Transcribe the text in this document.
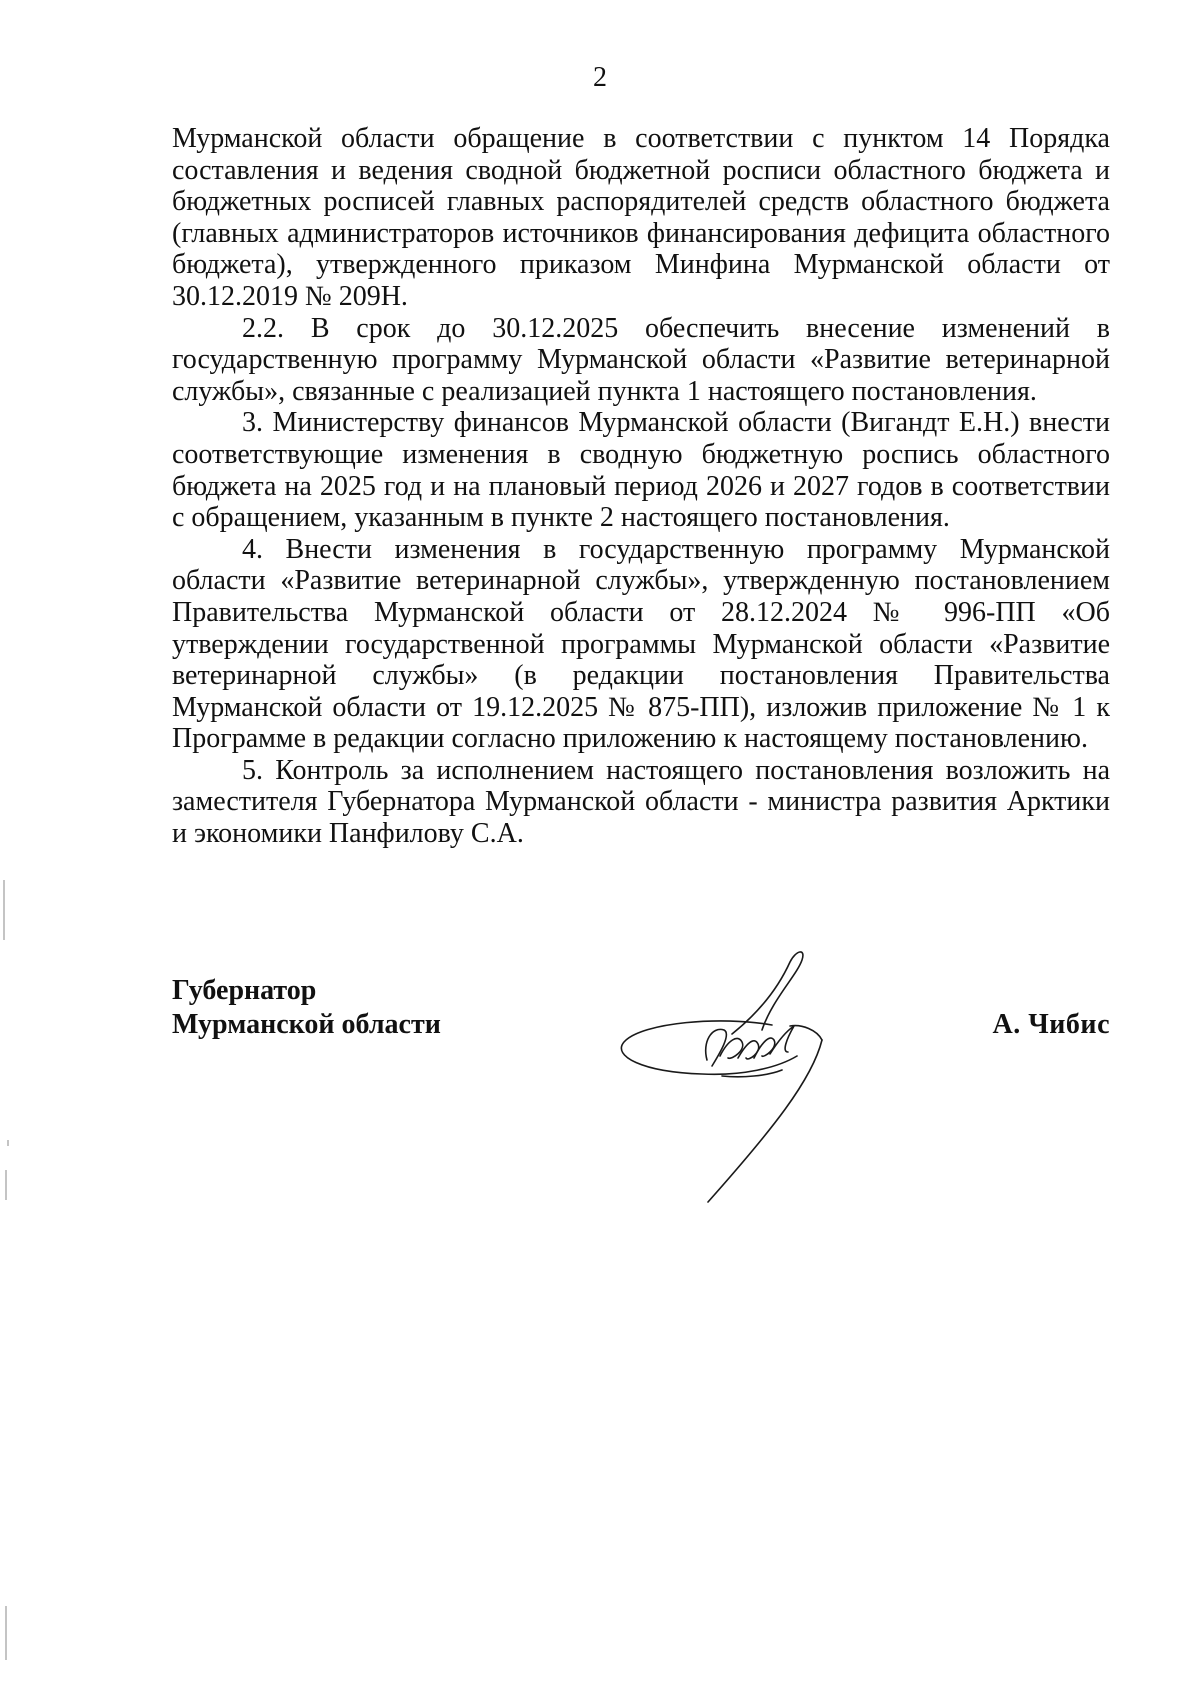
2

Мурманской области обращение в соответствии с пунктом 14 Порядка составления и ведения сводной бюджетной росписи областного бюджета и бюджетных росписей главных распорядителей средств областного бюджета (главных администраторов источников финансирования дефицита областного бюджета), утвержденного приказом Минфина Мурманской области от 30.12.2019 № 209Н.

2.2. В срок до 30.12.2025 обеспечить внесение изменений в государственную программу Мурманской области «Развитие ветеринарной службы», связанные с реализацией пункта 1 настоящего постановления.

3. Министерству финансов Мурманской области (Вигандт Е.Н.) внести соответствующие изменения в сводную бюджетную роспись областного бюджета на 2025 год и на плановый период 2026 и 2027 годов в соответствии с обращением, указанным в пункте 2 настоящего постановления.

4. Внести изменения в государственную программу Мурманской области «Развитие ветеринарной службы», утвержденную постановлением Правительства Мурманской области от 28.12.2024 № 996-ПП «Об утверждении государственной программы Мурманской области «Развитие ветеринарной службы» (в редакции постановления Правительства Мурманской области от 19.12.2025 № 875-ПП), изложив приложение № 1 к Программе в редакции согласно приложению к настоящему постановлению.

5. Контроль за исполнением настоящего постановления возложить на заместителя Губернатора Мурманской области - министра развития Арктики и экономики Панфилову С.А.

Губернатор
Мурманской области	А. Чибис
